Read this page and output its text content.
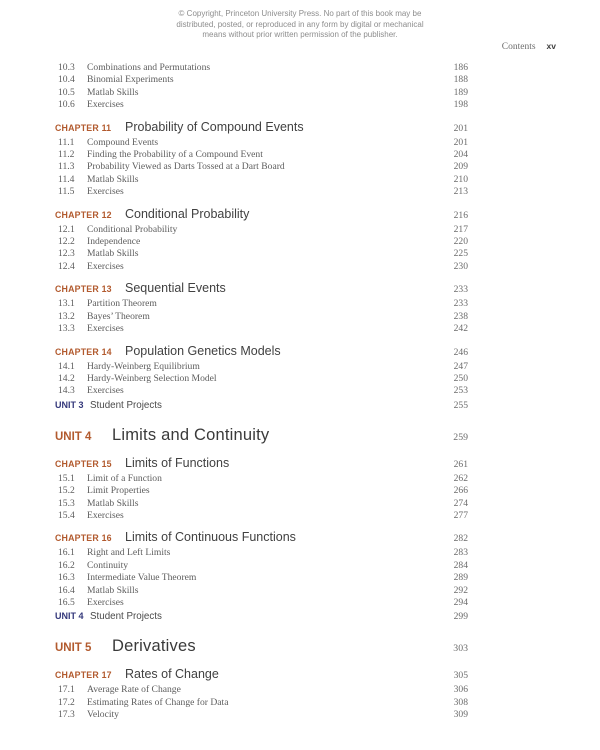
© Copyright, Princeton University Press. No part of this book may be
distributed, posted, or reproduced in any form by digital or mechanical
means without prior written permission of the publisher.
Contents xv
10.3	Combinations and Permutations	186
10.4	Binomial Experiments	188
10.5	Matlab Skills	189
10.6	Exercises	198
CHAPTER 11	Probability of Compound Events	201
11.1	Compound Events	201
11.2	Finding the Probability of a Compound Event	204
11.3	Probability Viewed as Darts Tossed at a Dart Board	209
11.4	Matlab Skills	210
11.5	Exercises	213
CHAPTER 12	Conditional Probability	216
12.1	Conditional Probability	217
12.2	Independence	220
12.3	Matlab Skills	225
12.4	Exercises	230
CHAPTER 13	Sequential Events	233
13.1	Partition Theorem	233
13.2	Bayes’ Theorem	238
13.3	Exercises	242
CHAPTER 14	Population Genetics Models	246
14.1	Hardy-Weinberg Equilibrium	247
14.2	Hardy-Weinberg Selection Model	250
14.3	Exercises	253
UNIT 3 Student Projects	255
UNIT 4	Limits and Continuity	259
CHAPTER 15	Limits of Functions	261
15.1	Limit of a Function	262
15.2	Limit Properties	266
15.3	Matlab Skills	274
15.4	Exercises	277
CHAPTER 16	Limits of Continuous Functions	282
16.1	Right and Left Limits	283
16.2	Continuity	284
16.3	Intermediate Value Theorem	289
16.4	Matlab Skills	292
16.5	Exercises	294
UNIT 4 Student Projects	299
UNIT 5	Derivatives	303
CHAPTER 17	Rates of Change	305
17.1	Average Rate of Change	306
17.2	Estimating Rates of Change for Data	308
17.3	Velocity	309
